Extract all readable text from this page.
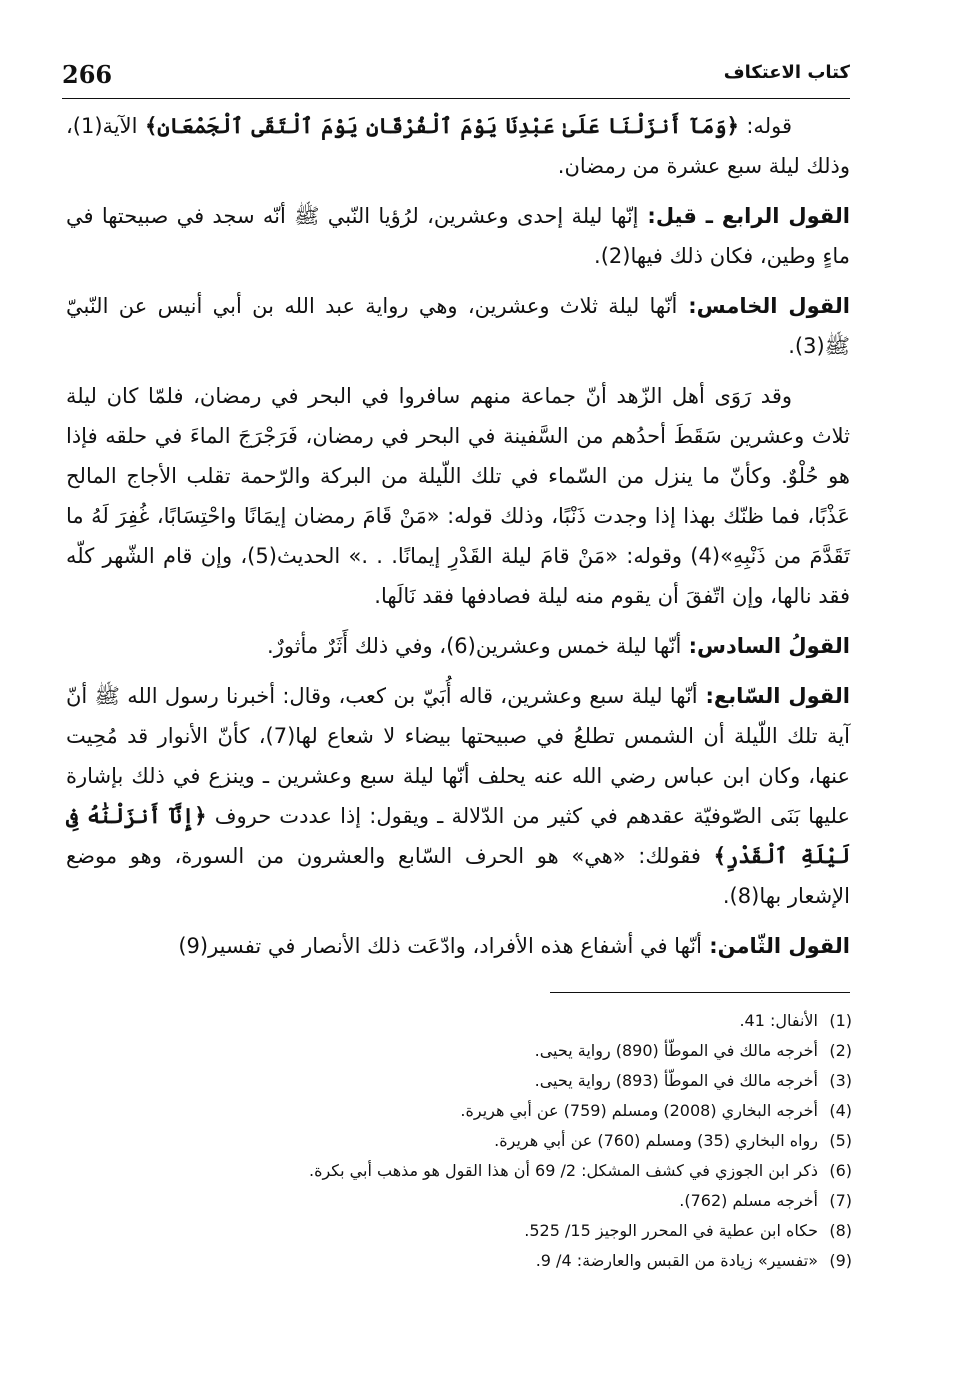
266	كتاب الاعتكاف

قوله: ﴿وَمَآ أَنزَلْنَا عَلَىٰ عَبْدِنَا يَوْمَ ٱلْفُرْقَانِ يَوْمَ ٱلْتَقَى ٱلْجَمْعَانِ﴾ الآية(1)، وذلك ليلة سبع عشرة من رمضان.

القول الرابع ـ قيل: إنّها ليلة إحدى وعشرين، لرُؤيا النّبي ﷺ أنّه سجد في صبيحتها في ماءٍ وطين، فكان ذلك فيها(2).

القول الخامس: أنّها ليلة ثلاث وعشرين، وهي رواية عبد الله بن أبي أنيس عن النّبيّ ﷺ(3).

وقد رَوَى أهل الزّهد أنّ جماعة منهم سافروا في البحر في رمضان، فلمّا كان ليلة ثلاث وعشرين سَقَطَ أحدُهم من السَّفينة في البحر في رمضان، فَرَجْرَجَ الماءَ في حلقه فإذا هو حُلْوٌ. وكأنّ ما ينزل من السّماء في تلك اللّيلة من البركة والرّحمة تقلب الأجاج المالح عَذْبًا، فما ظنّك بهذا إذا وجدت ذَنْبًا، وذلك قوله: «مَنْ قَامَ رمضان إيمَانًا واحْتِسَابًا، غُفِرَ لَهُ ما تَقَدَّمَ من ذَنْبِهِ»(4) وقوله: «مَنْ قامَ ليلة القَدْرِ إيمانًا. . .» الحديث(5)، وإن قام الشّهر كلّه فقد نالها، وإن اتّفقَ أن يقوم منه ليلة فصادفها فقد نَالَها.

القولُ السادس: أنّها ليلة خمس وعشرين(6)، وفي ذلك أَثَرٌ مأثورٌ.

القول السّابع: أنّها ليلة سبع وعشرين، قاله أُبَيّ بن كعب، وقال: أخبرنا رسول الله ﷺ أنّ آية تلك اللّيلة أن الشمس تطلعُ في صبيحتها بيضاء لا شعاع لها(7)، كأنّ الأنوار قد مُحِيت عنها، وكان ابن عباس رضي الله عنه يحلف أنّها ليلة سبع وعشرين ـ وينزع في ذلك بإشارة عليها بَنَى الصّوفيّة عقدهم في كثير من الدّلالة ـ ويقول: إذا عددت حروف ﴿إِنَّآ أَنزَلْنَٰهُ فِى لَيْلَةِ ٱلْقَدْرِ﴾ فقولك: «هي» هو الحرف السّابع والعشرون من السورة، وهو موضع الإشعار بها(8).

القول الثّامن: أنّها في أشفاع هذه الأفراد، وادّعَت ذلك الأنصار في تفسير(9)

(1)
الأنفال: 41.
(2)
أخرجه مالك في الموطّأ (890) رواية يحيى.
(3)
أخرجه مالك في الموطّأ (893) رواية يحيى.
(4)
أخرجه البخاري (2008) ومسلم (759) عن أبي هريرة.
(5)
رواه البخاري (35) ومسلم (760) عن أبي هريرة.
(6)
ذكر ابن الجوزي في كشف المشكل: 2/ 69 أن هذا القول هو مذهب أبي بكرة.
(7)
أخرجه مسلم (762).
(8)
حكاه ابن عطية في المحرر الوجيز 15/ 525.
(9)
«تفسير» زيادة من القبس والعارضة: 4/ 9.
